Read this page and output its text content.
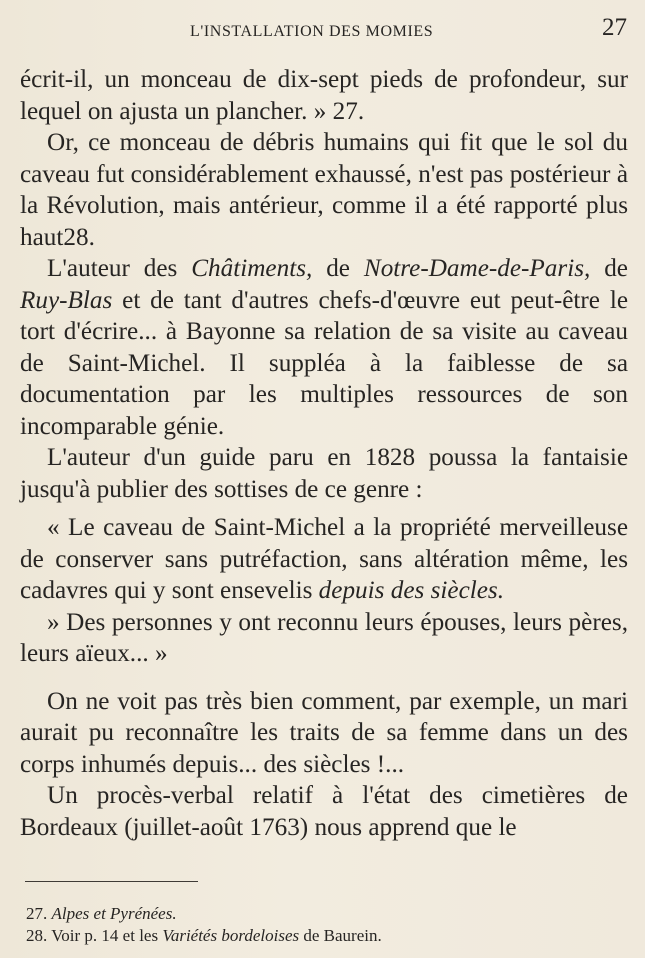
L'INSTALLATION DES MOMIES	27

écrit-il, un monceau de dix-sept pieds de profondeur, sur lequel on ajusta un plancher. » 27.

Or, ce monceau de débris humains qui fit que le sol du caveau fut considérablement exhaussé, n'est pas postérieur à la Révolution, mais antérieur, comme il a été rapporté plus haut28.

L'auteur des Châtiments, de Notre-Dame-de-Paris, de Ruy-Blas et de tant d'autres chefs-d'œuvre eut peut-être le tort d'écrire... à Bayonne sa relation de sa visite au caveau de Saint-Michel. Il suppléa à la faiblesse de sa documentation par les multiples ressources de son incomparable génie.

L'auteur d'un guide paru en 1828 poussa la fantaisie jusqu'à publier des sottises de ce genre :

« Le caveau de Saint-Michel a la propriété merveilleuse de conserver sans putréfaction, sans altération même, les cadavres qui y sont ensevelis depuis des siècles.

» Des personnes y ont reconnu leurs épouses, leurs pères, leurs aïeux... »

On ne voit pas très bien comment, par exemple, un mari aurait pu reconnaître les traits de sa femme dans un des corps inhumés depuis... des siècles !...

Un procès-verbal relatif à l'état des cimetières de Bordeaux (juillet-août 1763) nous apprend que le

27. Alpes et Pyrénées.

28. Voir p. 14 et les Variétés bordeloises de Baurein.
